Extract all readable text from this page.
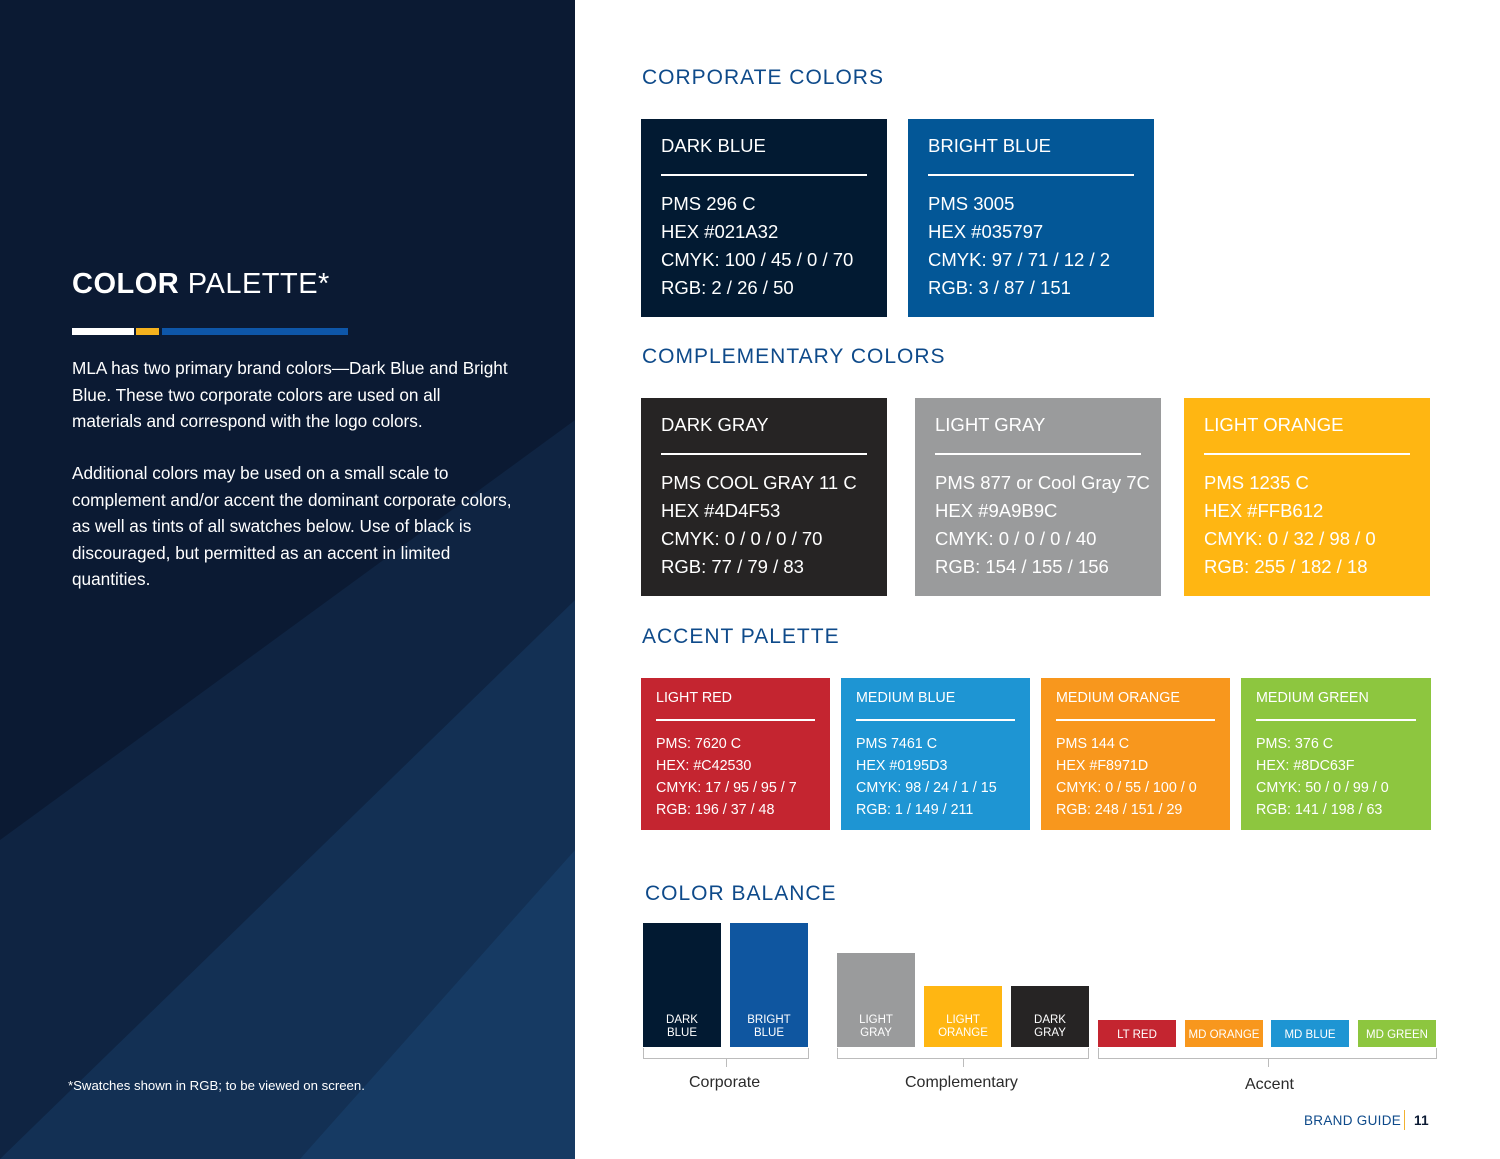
COLOR PALETTE*
MLA has two primary brand colors—Dark Blue and Bright Blue. These two corporate colors are used on all materials and correspond with the logo colors.
Additional colors may be used on a small scale to complement and/or accent the dominant corporate colors, as well as tints of all swatches below. Use of black is discouraged, but permitted as an accent in limited quantities.
*Swatches shown in RGB; to be viewed on screen.
CORPORATE COLORS
DARK BLUE
PMS 296 C
HEX #021A32
CMYK: 100 / 45 / 0 / 70
RGB: 2 / 26 / 50
BRIGHT BLUE
PMS 3005
HEX #035797
CMYK: 97 / 71 / 12 / 2
RGB: 3 / 87 / 151
COMPLEMENTARY COLORS
DARK GRAY
PMS COOL GRAY 11 C
HEX #4D4F53
CMYK: 0 / 0 / 0 / 70
RGB: 77 / 79 / 83
LIGHT GRAY
PMS 877 or Cool Gray 7C
HEX #9A9B9C
CMYK: 0 / 0 / 0 / 40
RGB: 154 / 155 / 156
LIGHT ORANGE
PMS 1235 C
HEX #FFB612
CMYK: 0 / 32 / 98 / 0
RGB: 255 / 182 / 18
ACCENT PALETTE
LIGHT RED
PMS: 7620 C
HEX: #C42530
CMYK: 17 / 95 / 95 / 7
RGB: 196 / 37 / 48
MEDIUM BLUE
PMS 7461 C
HEX #0195D3
CMYK: 98 / 24 / 1 / 15
RGB: 1 / 149 / 211
MEDIUM ORANGE
PMS 144 C
HEX #F8971D
CMYK: 0 / 55 / 100 / 0
RGB: 248 / 151 / 29
MEDIUM GREEN
PMS: 376 C
HEX: #8DC63F
CMYK: 50 / 0 / 99 / 0
RGB: 141 / 198 / 63
COLOR BALANCE
DARK
BLUE
BRIGHT
BLUE
LIGHT
GRAY
LIGHT
ORANGE
DARK
GRAY	LT RED	MD ORANGE	MD BLUE	MD GREEN
Corporate	Complementary	Accent
BRAND GUIDE 11
